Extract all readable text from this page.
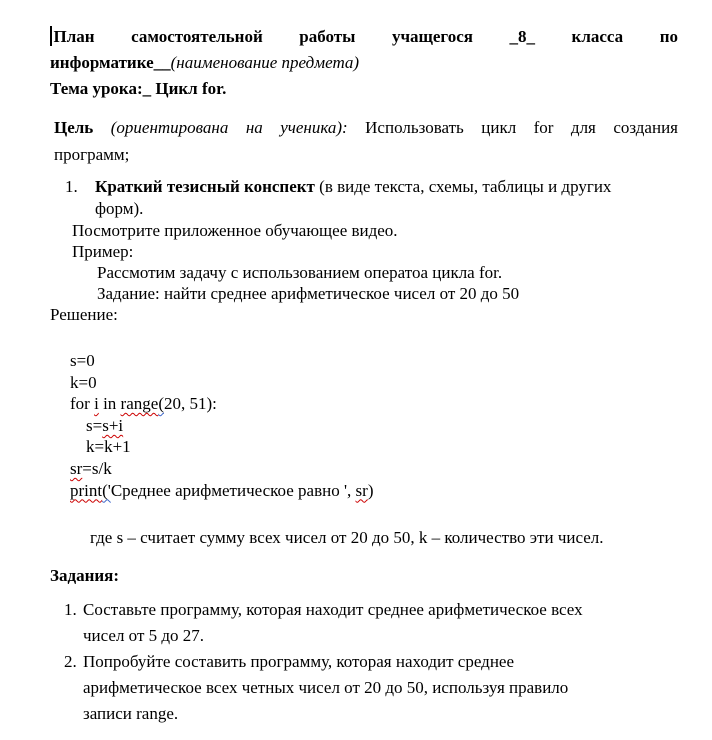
План самостоятельной работы учащегося _8_ класса по
информатике__(наименование предмета)
Тема урока:_ Цикл for.
Цель (ориентирована на ученика): Использовать цикл for для создания
программ;
1.	Краткий тезисный конспект (в виде текста, схемы, таблицы и других
форм).
Посмотрите приложенное обучающее видео.
Пример:
Рассмотим задачу с использованием оператоа цикла for.
Задание: найти среднее арифметическое чисел от 20 до 50
Решение:
s=0
k=0
for i in range(20, 51):
s=s+i
k=k+1
sr=s/k
print('Среднее арифметическое равно ', sr)
где s – считает сумму всех чисел от 20 до 50, k – количество эти чисел.
Задания:
1. Составьте программу, которая находит среднее арифметическое всех
чисел от 5 до 27.
2. Попробуйте составить программу, которая находит среднее
арифметическое всех четных чисел от 20 до 50, используя правило
записи range.
